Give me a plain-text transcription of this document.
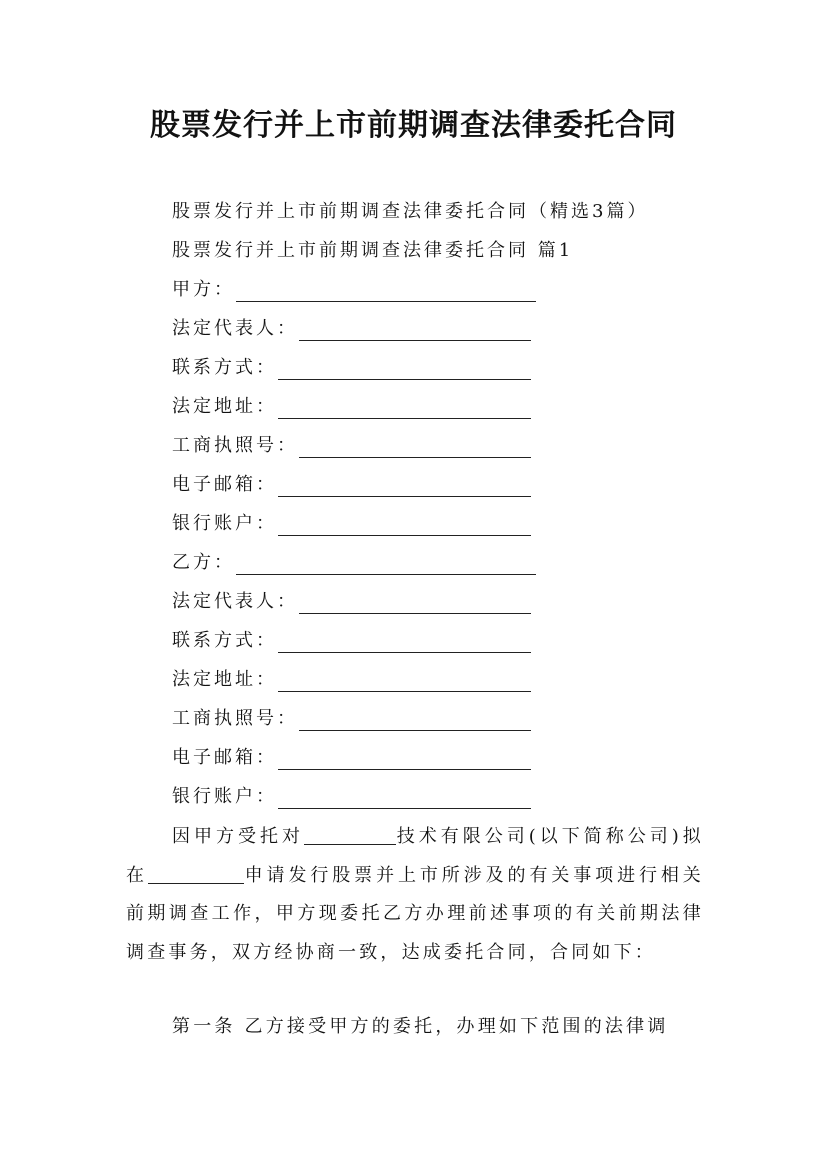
股票发行并上市前期调查法律委托合同
股票发行并上市前期调查法律委托合同（精选3篇）
股票发行并上市前期调查法律委托合同 篇1
甲方：
法定代表人：
联系方式：
法定地址：
工商执照号：
电子邮箱：
银行账户：
乙方：
法定代表人：
联系方式：
法定地址：
工商执照号：
电子邮箱：
银行账户：

因甲方受托对	技术有限公司(以下简称公司)拟在	申请发行股票并上市所涉及的有关事项进行相关前期调查工作，甲方现委托乙方办理前述事项的有关前期法律调查事务，双方经协商一致，达成委托合同，合同如下：

第一条 乙方接受甲方的委托，办理如下范围的法律调
